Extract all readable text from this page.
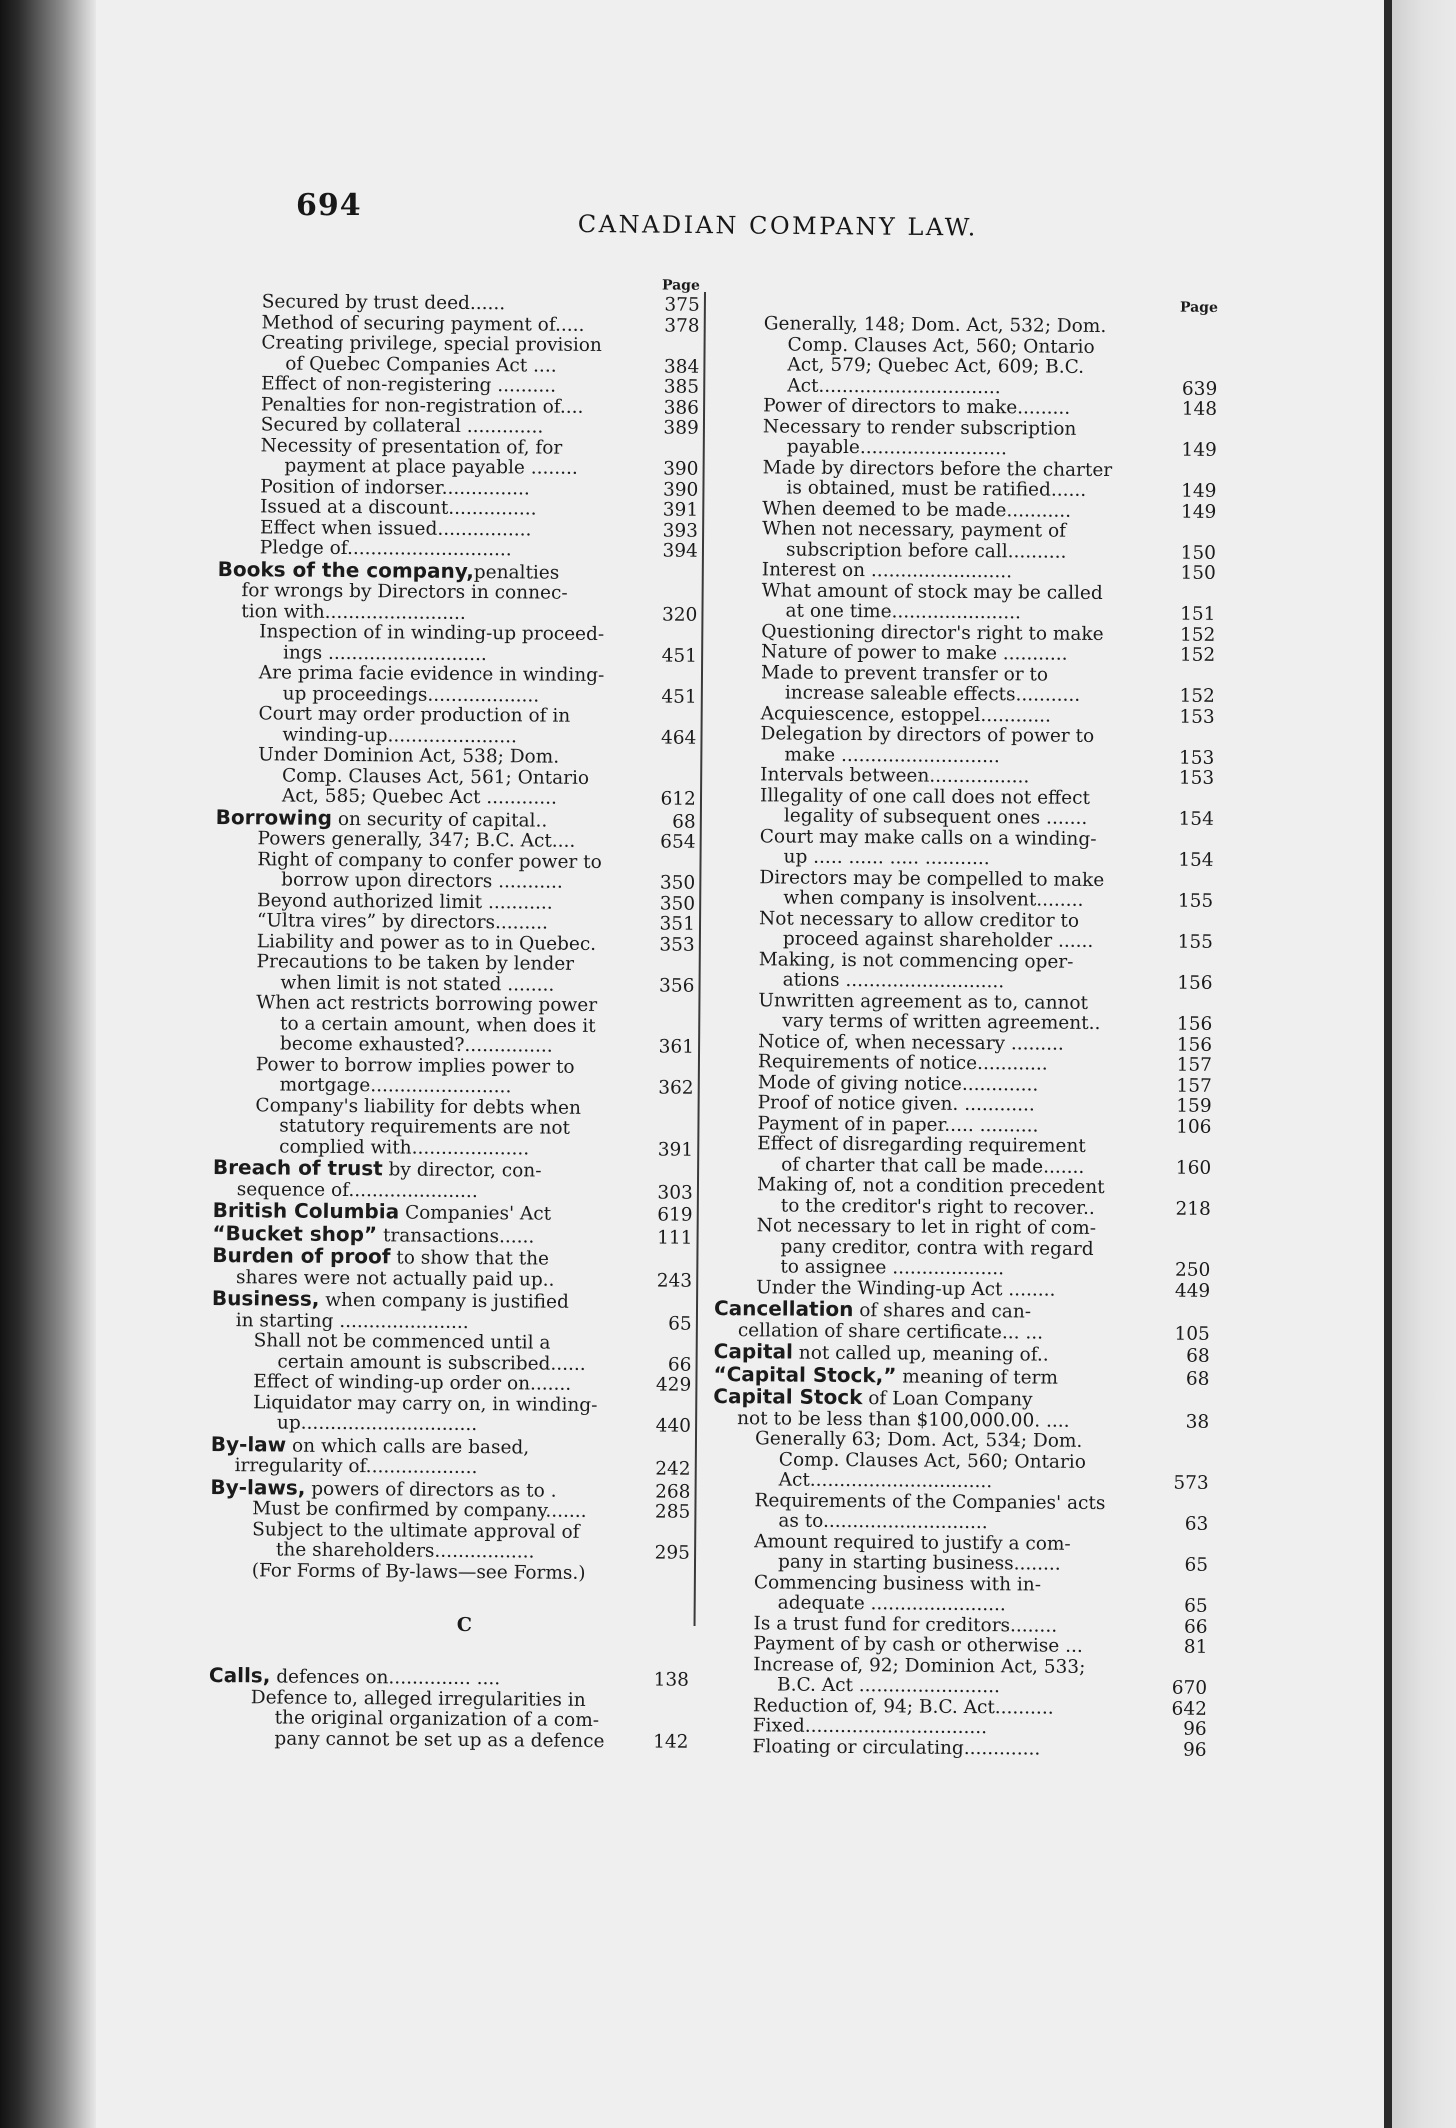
694
CANADIAN COMPANY LAW.
Page
Secured by trust deed......	375
Method of securing payment of.....	378
Creating privilege, special provision
of Quebec Companies Act ....	384
Effect of non-registering ..........	385
Penalties for non-registration of....	386
Secured by collateral .............	389
Necessity of presentation of, for
payment at place payable ........	390
Position of indorser...............	390
Issued at a discount...............	391
Effect when issued................	393
Pledge of............................	394
Books of the company,penalties
for wrongs by Directors in connec-
tion with........................	320
Inspection of in winding-up proceed-
ings ...........................	451
Are prima facie evidence in winding-
up proceedings...................	451
Court may order production of in
winding-up......................	464
Under Dominion Act, 538; Dom.
Comp. Clauses Act, 561; Ontario
Act, 585; Quebec Act ............	612
Borrowing on security of capital..	68
Powers generally, 347; B.C. Act....	654
Right of company to confer power to
borrow upon directors ...........	350
Beyond authorized limit ...........	350
“Ultra vires” by directors.........	351
Liability and power as to in Quebec.	353
Precautions to be taken by lender
when limit is not stated ........	356
When act restricts borrowing power
to a certain amount, when does it
become exhausted?...............	361
Power to borrow implies power to
mortgage........................	362
Company's liability for debts when
statutory requirements are not
complied with....................	391
Breach of trust by director, con-
sequence of......................	303
British Columbia Companies' Act	619
“Bucket shop” transactions......	111
Burden of proof to show that the
shares were not actually paid up..	243
Business, when company is justified
in starting ......................	65
Shall not be commenced until a
certain amount is subscribed......	66
Effect of winding-up order on.......	429
Liquidator may carry on, in winding-
up..............................	440
By-law on which calls are based,
irregularity of...................	242
By-laws, powers of directors as to .	268
Must be confirmed by company.......	285
Subject to the ultimate approval of
the shareholders.................	295
(For Forms of By-laws—see Forms.)
C
Calls, defences on.............. ....	138
Defence to, alleged irregularities in
the original organization of a com-
pany cannot be set up as a defence	142
Page
Generally, 148; Dom. Act, 532; Dom.
Comp. Clauses Act, 560; Ontario
Act, 579; Quebec Act, 609; B.C.
Act...............................	639
Power of directors to make.........	148
Necessary to render subscription
payable.........................	149
Made by directors before the charter
is obtained, must be ratified......	149
When deemed to be made...........	149
When not necessary, payment of
subscription before call..........	150
Interest on ........................	150
What amount of stock may be called
at one time......................	151
Questioning director's right to make	152
Nature of power to make ...........	152
Made to prevent transfer or to
increase saleable effects...........	152
Acquiescence, estoppel............	153
Delegation by directors of power to
make ...........................	153
Intervals between.................	153
Illegality of one call does not effect
legality of subsequent ones .......	154
Court may make calls on a winding-
up ..... ...... ..... ...........	154
Directors may be compelled to make
when company is insolvent........	155
Not necessary to allow creditor to
proceed against shareholder ......	155
Making, is not commencing oper-
ations ...........................	156
Unwritten agreement as to, cannot
vary terms of written agreement..	156
Notice of, when necessary .........	156
Requirements of notice............	157
Mode of giving notice.............	157
Proof of notice given. ............	159
Payment of in paper..... ..........	106
Effect of disregarding requirement
of charter that call be made.......	160
Making of, not a condition precedent
to the creditor's right to recover..	218
Not necessary to let in right of com-
pany creditor, contra with regard
to assignee ...................	250
Under the Winding-up Act ........	449
Cancellation of shares and can-
cellation of share certificate... ...	105
Capital not called up, meaning of..	68
“Capital Stock,” meaning of term	68
Capital Stock of Loan Company
not to be less than $100,000.00. ....	38
Generally 63; Dom. Act, 534; Dom.
Comp. Clauses Act, 560; Ontario
Act...............................	573
Requirements of the Companies' acts
as to............................	63
Amount required to justify a com-
pany in starting business........	65
Commencing business with in-
adequate .......................	65
Is a trust fund for creditors........	66
Payment of by cash or otherwise ...	81
Increase of, 92; Dominion Act, 533;
B.C. Act ........................	670
Reduction of, 94; B.C. Act..........	642
Fixed...............................	96
Floating or circulating.............	96
